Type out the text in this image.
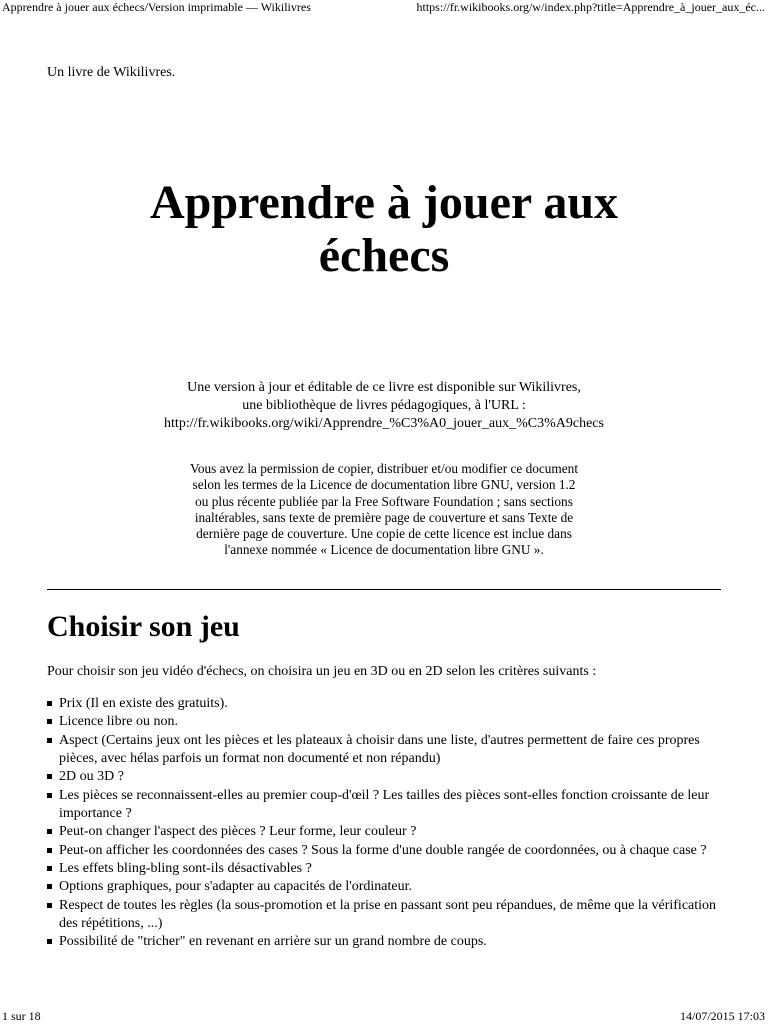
Apprendre à jouer aux échecs/Version imprimable — Wikilivres	https://fr.wikibooks.org/w/index.php?title=Apprendre_à_jouer_aux_éc...
Un livre de Wikilivres.
Apprendre à jouer aux
échecs
Une version à jour et éditable de ce livre est disponible sur Wikilivres,
une bibliothèque de livres pédagogiques, à l'URL :
http://fr.wikibooks.org/wiki/Apprendre_%C3%A0_jouer_aux_%C3%A9checs
Vous avez la permission de copier, distribuer et/ou modifier ce document
selon les termes de la Licence de documentation libre GNU, version 1.2
ou plus récente publiée par la Free Software Foundation ; sans sections
inaltérables, sans texte de première page de couverture et sans Texte de
dernière page de couverture. Une copie de cette licence est inclue dans
l'annexe nommée « Licence de documentation libre GNU ».
Choisir son jeu
Pour choisir son jeu vidéo d'échecs, on choisira un jeu en 3D ou en 2D selon les critères suivants :
Prix (Il en existe des gratuits).
Licence libre ou non.
Aspect (Certains jeux ont les pièces et les plateaux à choisir dans une liste, d'autres permettent de faire ces propres pièces, avec hélas parfois un format non documenté et non répandu)
2D ou 3D ?
Les pièces se reconnaissent-elles au premier coup-d'œil ? Les tailles des pièces sont-elles fonction croissante de leur importance ?
Peut-on changer l'aspect des pièces ? Leur forme, leur couleur ?
Peut-on afficher les coordonnées des cases ? Sous la forme d'une double rangée de coordonnées, ou à chaque case ?
Les effets bling-bling sont-ils désactivables ?
Options graphiques, pour s'adapter au capacités de l'ordinateur.
Respect de toutes les règles (la sous-promotion et la prise en passant sont peu répandues, de même que la vérification des répétitions, ...)
Possibilité de "tricher" en revenant en arrière sur un grand nombre de coups.
1 sur 18	14/07/2015 17:03
